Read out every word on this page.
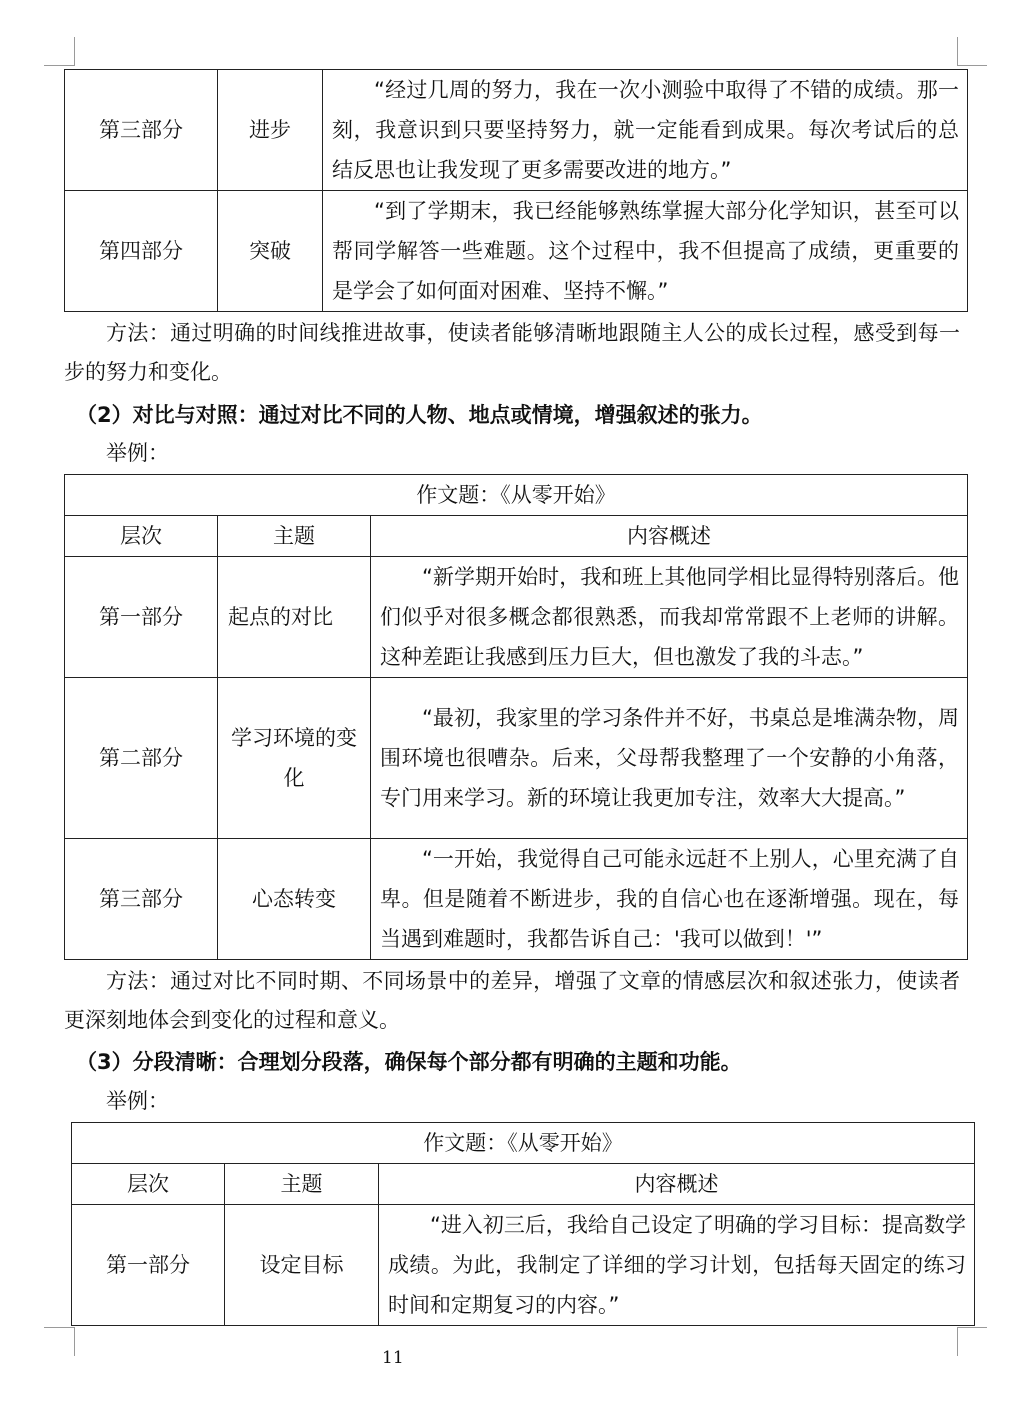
第三部分	进步	“经过几周的努力，我在一次小测验中取得了不错的成绩。那一刻，我意识到只要坚持努力，就一定能看到成果。每次考试后的总结反思也让我发现了更多需要改进的地方。”
第四部分	突破	“到了学期末，我已经能够熟练掌握大部分化学知识，甚至可以帮同学解答一些难题。这个过程中，我不但提高了成绩，更重要的是学会了如何面对困难、坚持不懈。”

方法：通过明确的时间线推进故事，使读者能够清晰地跟随主人公的成长过程，感受到每一步的努力和变化。

（2）对比与对照：通过对比不同的人物、地点或情境，增强叙述的张力。

举例：

作文题：《从零开始》		
层次	主题	内容概述
第一部分	起点的对比	“新学期开始时，我和班上其他同学相比显得特别落后。他们似乎对很多概念都很熟悉，而我却常常跟不上老师的讲解。这种差距让我感到压力巨大，但也激发了我的斗志。”
第二部分	学习环境的变化	“最初，我家里的学习条件并不好，书桌总是堆满杂物，周围环境也很嘈杂。后来，父母帮我整理了一个安静的小角落，专门用来学习。新的环境让我更加专注，效率大大提高。”
第三部分	心态转变	“一开始，我觉得自己可能永远赶不上别人，心里充满了自卑。但是随着不断进步，我的自信心也在逐渐增强。现在，每当遇到难题时，我都告诉自己：'我可以做到！'”

方法：通过对比不同时期、不同场景中的差异，增强了文章的情感层次和叙述张力，使读者更深刻地体会到变化的过程和意义。

（3）分段清晰：合理划分段落，确保每个部分都有明确的主题和功能。

举例：

作文题：《从零开始》		
层次	主题	内容概述
第一部分	设定目标	“进入初三后，我给自己设定了明确的学习目标：提高数学成绩。为此，我制定了详细的学习计划，包括每天固定的练习时间和定期复习的内容。”
11
